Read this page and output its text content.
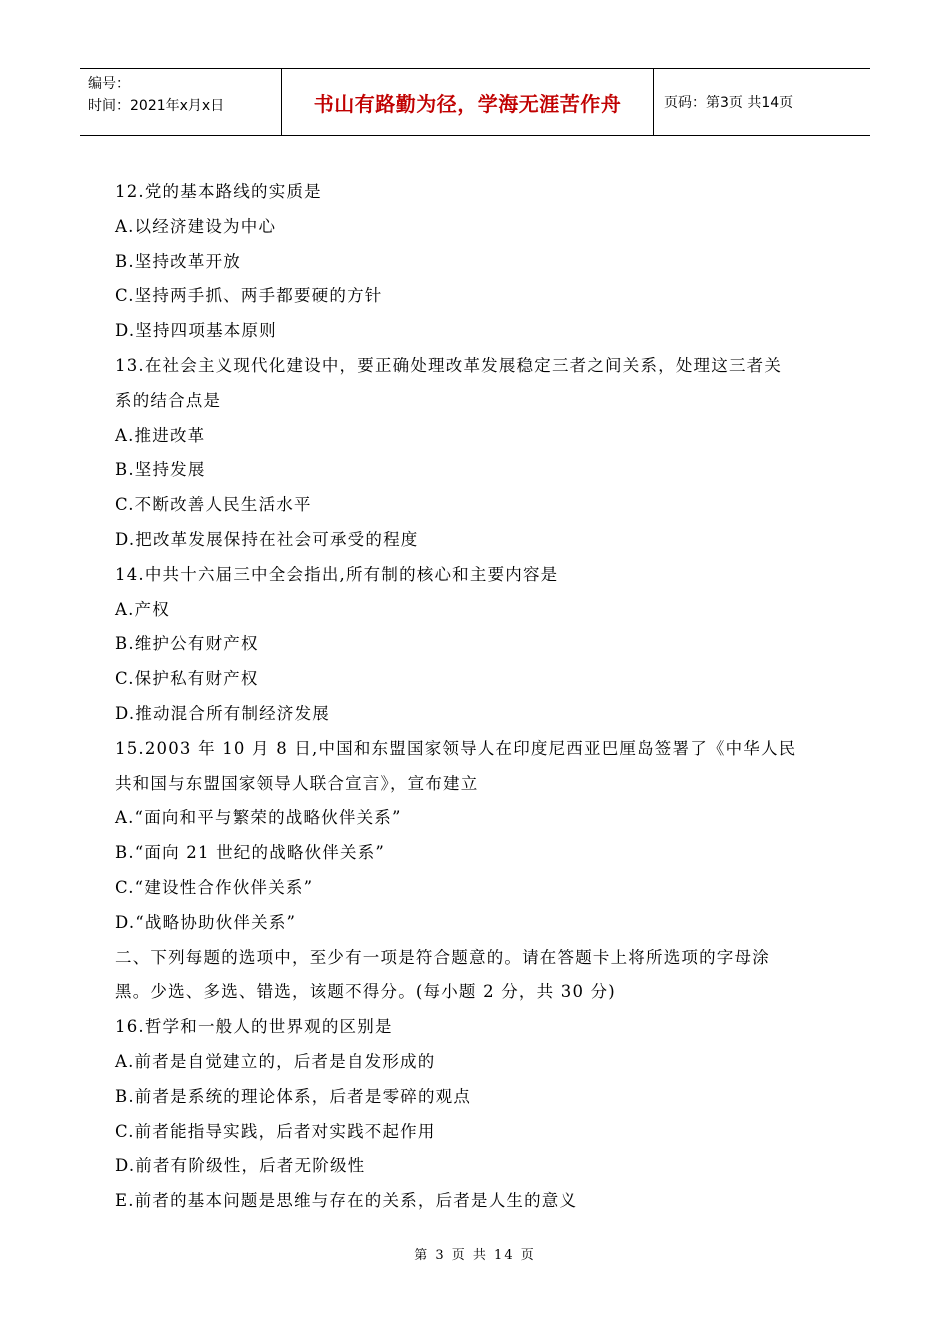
编号：
时间：2021年x月x日	书山有路勤为径，学海无涯苦作舟	页码：第3页 共14页
12.党的基本路线的实质是
A.以经济建设为中心
B.坚持改革开放
C.坚持两手抓、两手都要硬的方针
D.坚持四项基本原则
13.在社会主义现代化建设中，要正确处理改革发展稳定三者之间关系，处理这三者关
系的结合点是
A.推进改革
B.坚持发展
C.不断改善人民生活水平
D.把改革发展保持在社会可承受的程度
14.中共十六届三中全会指出,所有制的核心和主要内容是
A.产权
B.维护公有财产权
C.保护私有财产权
D.推动混合所有制经济发展
15.2003 年 10 月 8 日,中国和东盟国家领导人在印度尼西亚巴厘岛签署了《中华人民
共和国与东盟国家领导人联合宣言》，宣布建立
A.“面向和平与繁荣的战略伙伴关系”
B.“面向 21 世纪的战略伙伴关系”
C.“建设性合作伙伴关系”
D.“战略协助伙伴关系”
二、下列每题的选项中，至少有一项是符合题意的。请在答题卡上将所选项的字母涂
黑。少选、多选、错选，该题不得分。(每小题 2 分，共 30 分)
16.哲学和一般人的世界观的区别是
A.前者是自觉建立的，后者是自发形成的
B.前者是系统的理论体系，后者是零碎的观点
C.前者能指导实践，后者对实践不起作用
D.前者有阶级性，后者无阶级性
E.前者的基本问题是思维与存在的关系，后者是人生的意义
第 3 页 共 14 页
